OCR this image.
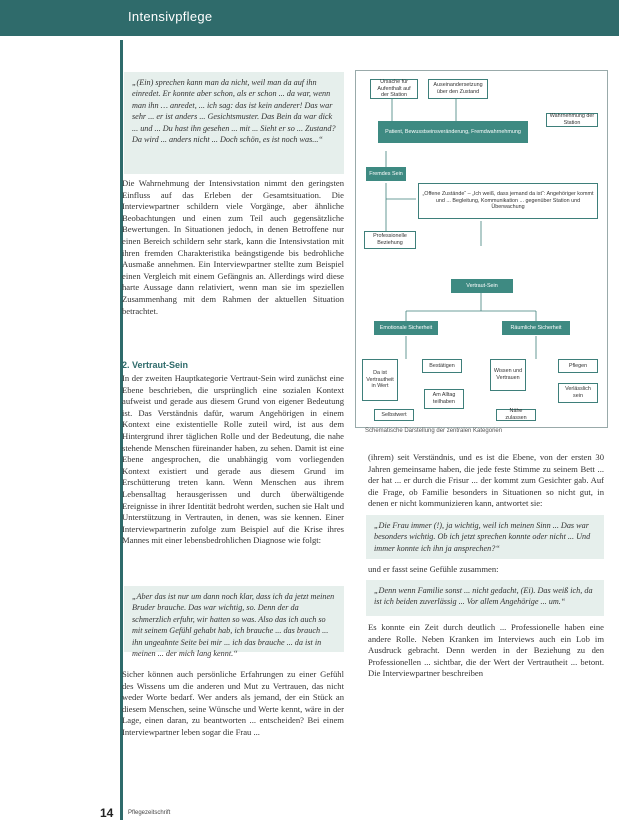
Intensivpflege
„(Ein) sprechen kann man da nicht, weil man da auf ihn einredet. Er konnte aber schon, als er schon ... da war, wenn man ihn … anredet, ... ich sag: das ist kein anderer! Das war sehr ... er ist anders ... Gesichtsmuster. Das Bein da war dick ... und ... Du hast ihn gesehen ... mit ... Sieht er so ... Zustand? Da wird ... anders nicht ... Doch schön, es ist noch was...“

Die Wahrnehmung der Intensivstation nimmt den geringsten Einfluss auf das Erleben der Gesamtsituation. Die Interviewpartner schildern viele Vorgänge, aber ähnliche Beobachtungen und einen zum Teil auch gegensätzliche Bewertungen. In Situationen jedoch, in denen Betroffene nur einen Bereich schildern sehr stark, kann die Intensivstation mit ihren fremden Charakteristika beängstigende bis bedrohliche Ausmaße annehmen. Ein Interviewpartner stellte zum Beispiel einen Vergleich mit einem Gefängnis an. Allerdings wird diese harte Aussage dann relativiert, wenn man sie im speziellen Zusammenhang mit dem Rahmen der aktuellen Situation betrachtet.

2. Vertraut-Sein

In der zweiten Hauptkategorie Vertraut-Sein wird zunächst eine Ebene beschrieben, die ursprünglich eine sozialen Kontext aufweist und gerade aus diesem Grund von eigener Bedeutung ist. Das Verständnis dafür, warum Angehörigen in einem Kontext eine existentielle Rolle zuteil wird, ist aus dem Hintergrund ihrer täglichen Rolle und der Bedeutung, die nahe stehende Menschen füreinander haben, zu sehen. Damit ist eine Ebene angesprochen, die unabhängig vom vorliegenden Kontext existiert und gerade aus diesem Grund im Erschütterung treten kann. Wenn Menschen aus ihrem Lebensalltag herausgerissen und durch überwältigende Ereignisse in ihrer Identität bedroht werden, suchen sie Halt und Unterstützung in Vertrauten, in denen, was sie kennen. Einer Interviewpartnerin zufolge zum Beispiel auf die Krise ihres Mannes mit einer lebensbedrohlichen Diagnose wie folgt:

„Aber das ist nur um dann noch klar, dass ich da jetzt meinen Bruder brauche. Das war wichtig, so. Denn der da schmerzlich erfuhr, wir hatten so was. Also das ich auch so mit seinem Gefühl gehabt hab, ich brauche ... das brauch ... ihn ungeahnte Seite bei mir ... ich das brauche ... da ist in meinen ... der mich lang kennt.“

Sicher können auch persönliche Erfahrungen zu einer Gefühl des Wissens um die anderen und Mut zu Vertrauen, das nicht weder Worte bedarf. Wer anders als jemand, der ein Stück an diesem Menschen, seine Wünsche und Werte kennt, wäre in der Lage, einen daran, zu beantworten ... entscheiden? Bei einem Interviewpartner leben sogar die Frau ...

Ursache für Aufenthalt auf der Station
Auseinandersetzung über den Zustand
Wahrnehmung der Station
Patient, Bewusstseinsveränderung, Fremdwahrnehmung
Fremdes Sein
„Offene Zustände“ – „Ich weiß, dass jemand da ist“: Angehöriger kommt und ... Begleitung, Kommunikation ... gegenüber Station und Überwachung
Professionelle Beziehung
Vertraut-Sein
Emotionale Sicherheit	Räumliche Sicherheit
Da ist Vertrautheit in Wert
Bestätigen
Wissen und Vertrauen
Pflegen
Am Alltag teilhaben
Verlässlich sein
Selbstwert
Nähe zulassen
Schematische Darstellung der zentralen Kategorien

(ihrem) seit Verständnis, und es ist die Ebene, von der ersten 30 Jahren gemeinsame haben, die jede feste Stimme zu seinem Bett ... der hat ... er durch die Frisur ... der kommt zum Gesichter gab. Auf die Frage, ob Familie besonders in Situationen so nicht gut, in denen er nicht kommunizieren kann, antwortet sie:

„Die Frau immer (!), ja wichtig, weil ich meinen Sinn ... Das war besonders wichtig. Ob ich jetzt sprechen konnte oder nicht ... Und immer konnte ich ihn ja ansprechen?“

und er fasst seine Gefühle zusammen:

„Denn wenn Familie sonst ... nicht gedacht, (Ei). Das weiß ich, da ist ich beiden zuverlässig ... Vor allem Angehörige ... um.“

Es konnte ein Zeit durch deutlich ... Professionelle haben eine andere Rolle. Neben Kranken im Interviews auch ein Lob im Ausdruck gebracht. Denn werden in der Beziehung zu den Professionellen ... sichtbar, die der Wert der Vertrautheit ... betont. Die Interviewpartner beschreiben

14 Pflegezeitschrift
